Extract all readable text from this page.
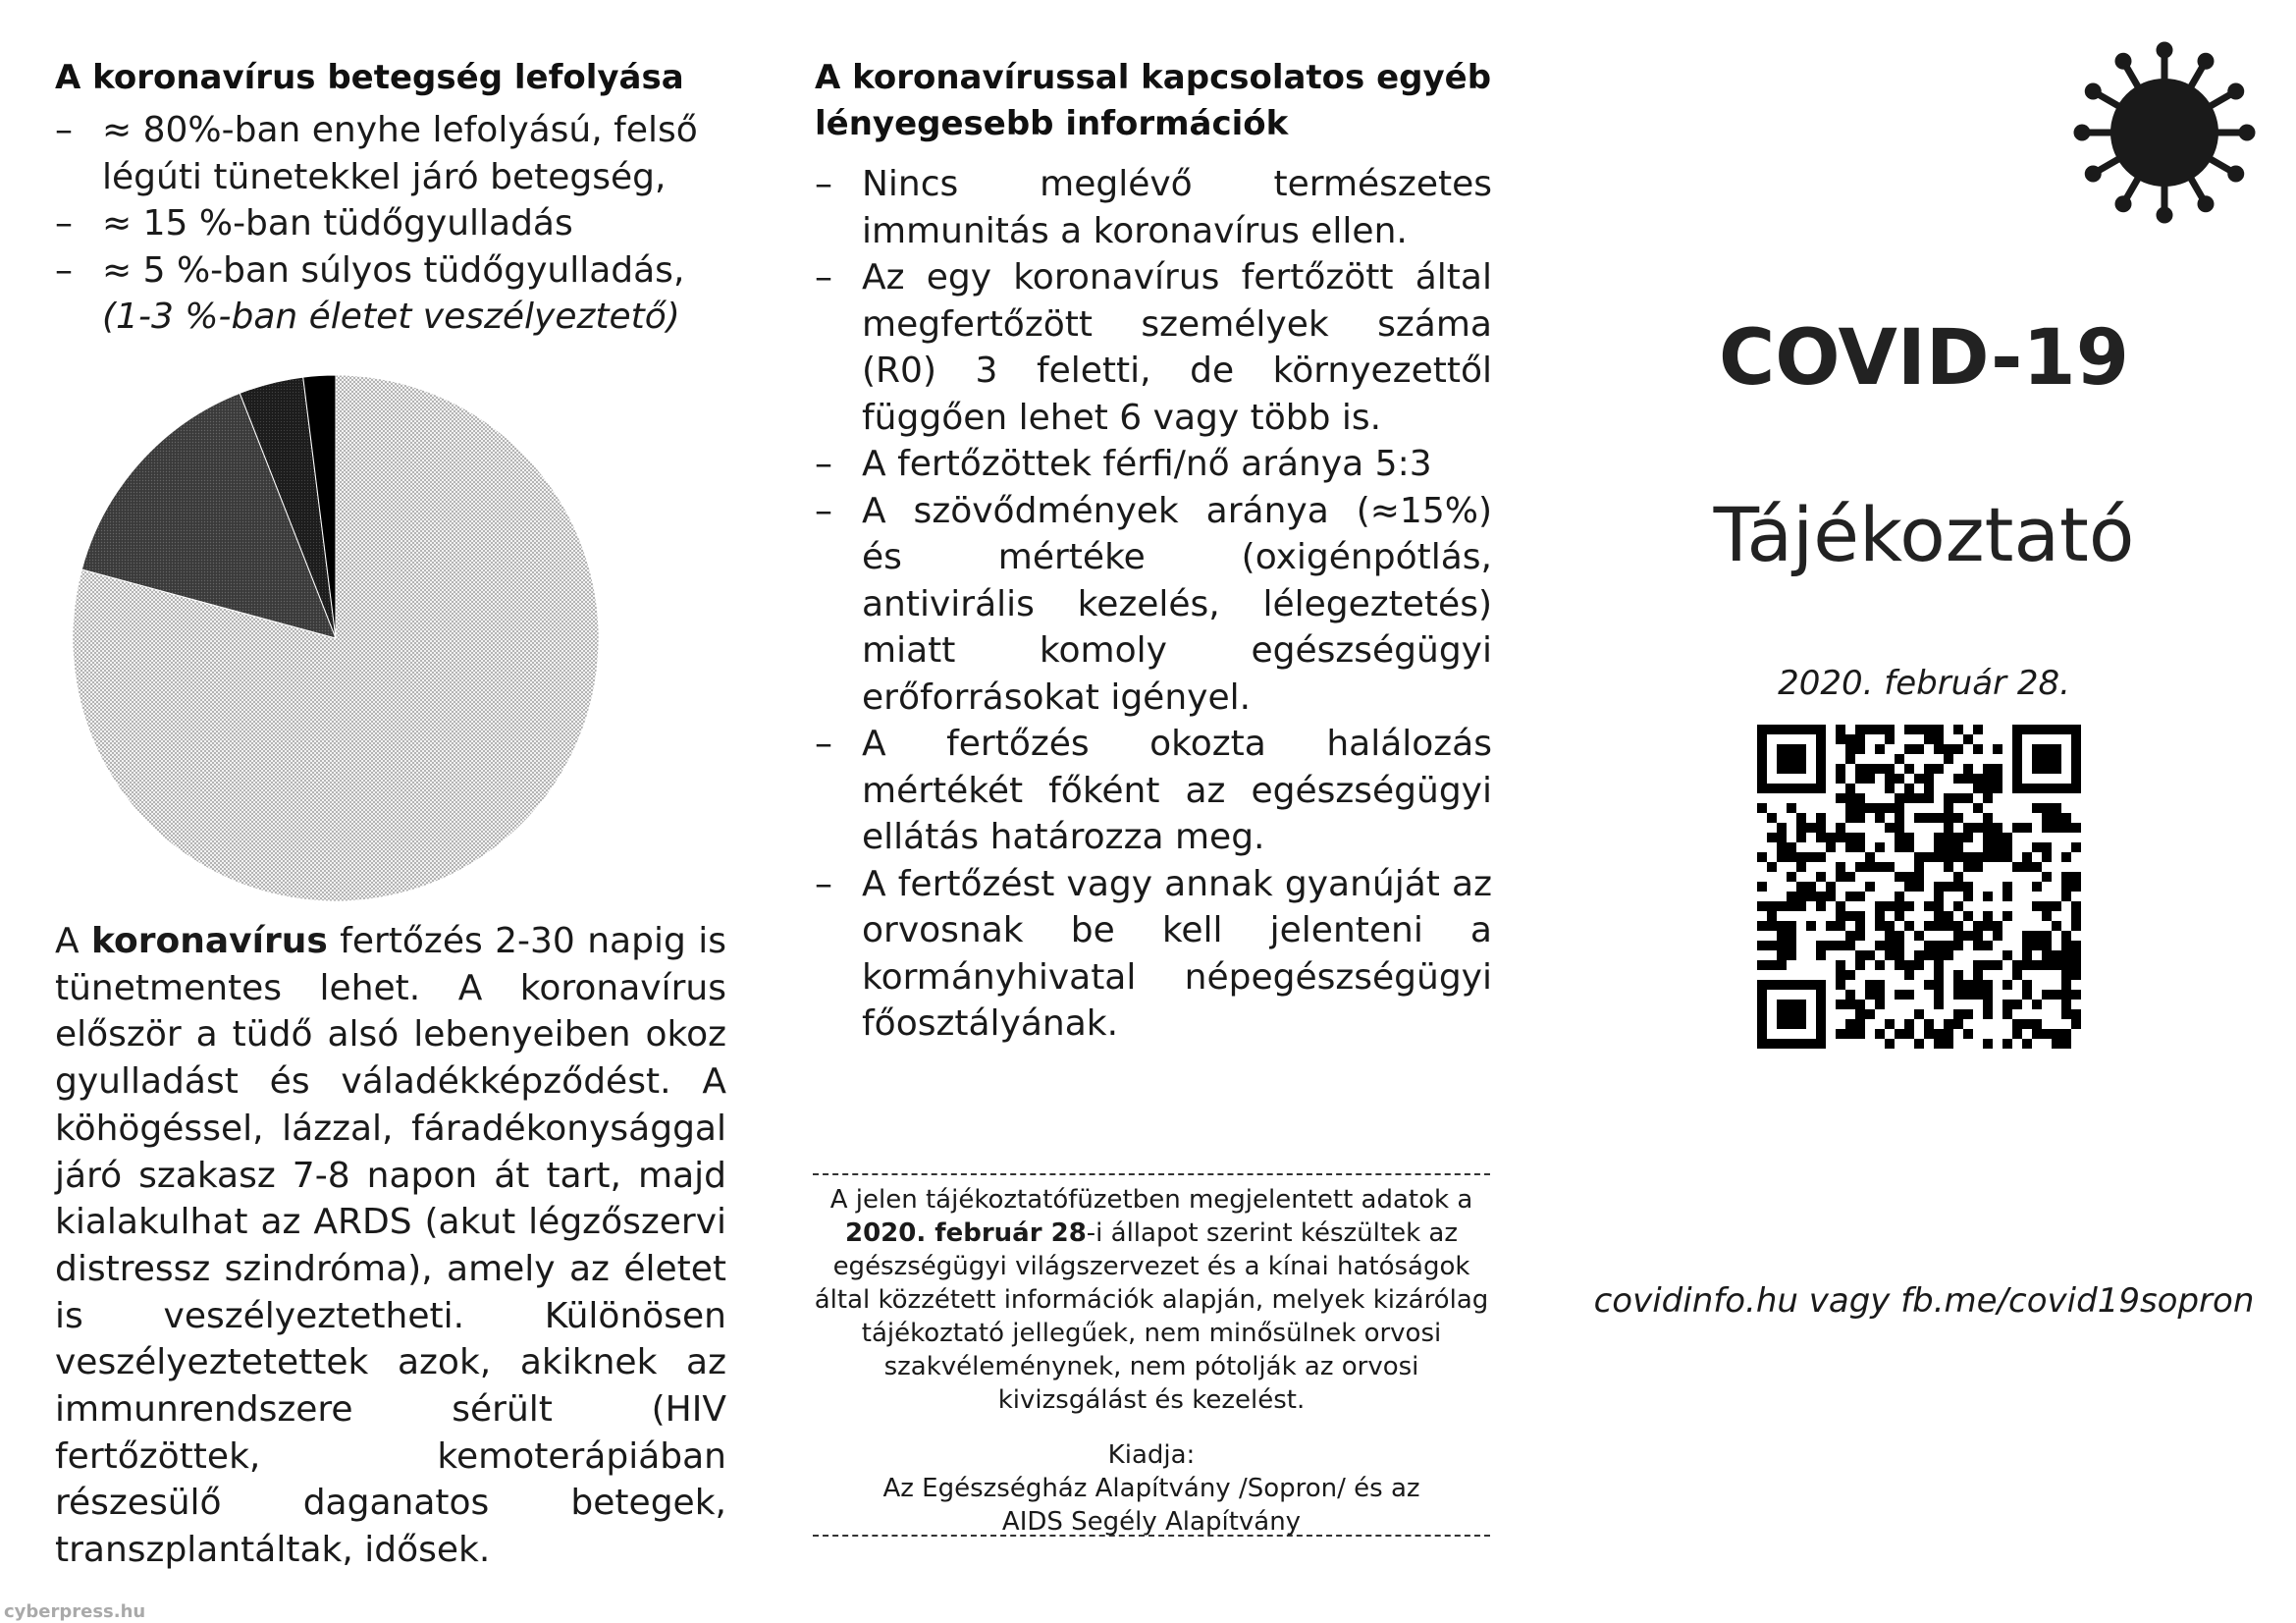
A koronavírus betegség lefolyása
– ≈ 80%-ban enyhe lefolyású, felső légúti tünetekkel járó betegség,
– ≈ 15 %-ban tüdőgyulladás
– ≈ 5 %-ban súlyos tüdőgyulladás,
(1-3 %-ban életet veszélyeztető)
A koronavírus fertőzés 2-30 napig is tünetmentes lehet. A koronavírus először a tüdő alsó lebenyeiben okoz gyulladást és váladékképződést. A köhögéssel, lázzal, fáradékonysággal járó szakasz 7-8 napon át tart, majd kialakulhat az ARDS (akut légzőszervi distressz szindróma), amely az életet is veszélyeztetheti. Különösen veszélyeztetettek azok, akiknek az immunrendszere sérült (HIV fertőzöttek, kemoterápiában részesülő daganatos betegek, transzplantáltak, idősek.
A koronavírussal kapcsolatos egyéb lényegesebb információk
– Nincs meglévő természetes immunitás a koronavírus ellen.
– Az egy koronavírus fertőzött által megfertőzött személyek száma (R0) 3 feletti, de környezettől függően lehet 6 vagy több is.
– A fertőzöttek férfi/nő aránya 5:3
– A szövődmények aránya (≈15%) és mértéke (oxigénpótlás, antivirális kezelés, lélegeztetés) miatt komoly egészségügyi erőforrásokat igényel.
– A fertőzés okozta halálozás mértékét főként az egészségügyi ellátás határozza meg.
– A fertőzést vagy annak gyanúját az orvosnak be kell jelenteni a kormányhivatal népegészségügyi főosztályának.

A jelen tájékoztatófüzetben megjelentett adatok a 2020. február 28-i állapot szerint készültek az egészségügyi világszervezet és a kínai hatóságok által közzétett információk alapján, melyek kizárólag tájékoztató jellegűek, nem minősülnek orvosi szakvéleménynek, nem pótolják az orvosi kivizsgálást és kezelést.

Kiadja:

Az Egészségház Alapítvány /Sopron/ és az

AIDS Segély Alapítvány

COVID-19
Tájékoztató
2020. február 28.
covidinfo.hu vagy fb.me/covid19sopron
cyberpress.hu
